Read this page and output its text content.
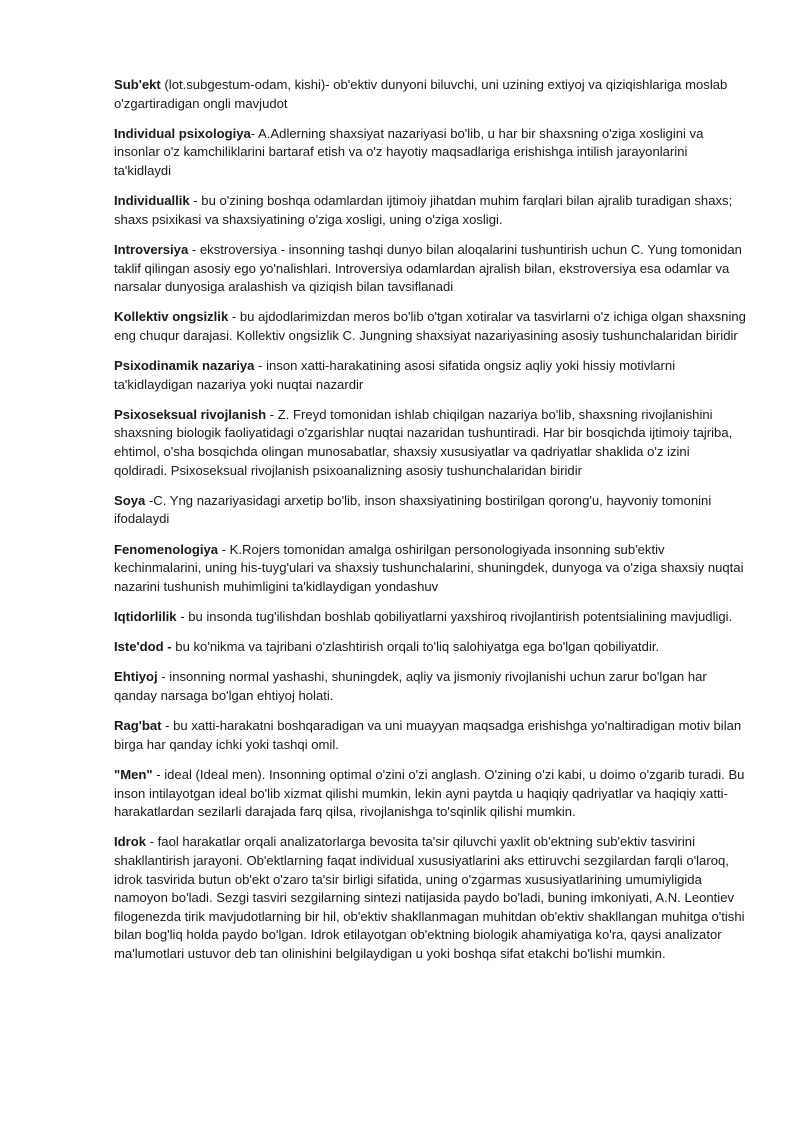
Sub'ekt (lot.subgestum-odam, kishi)- ob'ektiv dunyoni biluvchi, uni uzining extiyoj va qiziqishlariga moslab o'zgartiradigan ongli mavjudot

Individual psixologiya- A.Adlerning shaxsiyat nazariyasi bo'lib, u har bir shaxsning o'ziga xosligini va insonlar o'z kamchiliklarini bartaraf etish va o'z hayotiy maqsadlariga erishishga intilish jarayonlarini ta'kidlaydi

Individuallik - bu o'zining boshqa odamlardan ijtimoiy jihatdan muhim farqlari bilan ajralib turadigan shaxs; shaxs psixikasi va shaxsiyatining o'ziga xosligi, uning o'ziga xosligi.

Introversiya - ekstroversiya - insonning tashqi dunyo bilan aloqalarini tushuntirish uchun C. Yung tomonidan taklif qilingan asosiy ego yo'nalishlari. Introversiya odamlardan ajralish bilan, ekstroversiya esa odamlar va narsalar dunyosiga aralashish va qiziqish bilan tavsiflanadi

Kollektiv ongsizlik - bu ajdodlarimizdan meros bo'lib o'tgan xotiralar va tasvirlarni o'z ichiga olgan shaxsning eng chuqur darajasi. Kollektiv ongsizlik C. Jungning shaxsiyat nazariyasining asosiy tushunchalaridan biridir

Psixodinamik nazariya - inson xatti-harakatining asosi sifatida ongsiz aqliy yoki hissiy motivlarni ta'kidlaydigan nazariya yoki nuqtai nazardir

Psixoseksual rivojlanish - Z. Freyd tomonidan ishlab chiqilgan nazariya bo'lib, shaxsning rivojlanishini shaxsning biologik faoliyatidagi o'zgarishlar nuqtai nazaridan tushuntiradi. Har bir bosqichda ijtimoiy tajriba, ehtimol, o'sha bosqichda olingan munosabatlar, shaxsiy xususiyatlar va qadriyatlar shaklida o'z izini qoldiradi. Psixoseksual rivojlanish psixoanalizning asosiy tushunchalaridan biridir

Soya -C. Yng nazariyasidagi arxetip bo'lib, inson shaxsiyatining bostirilgan qorong'u, hayvoniy tomonini ifodalaydi

Fenomenologiya - K.Rojers tomonidan amalga oshirilgan personologiyada insonning sub'ektiv kechinmalarini, uning his-tuyg'ulari va shaxsiy tushunchalarini, shuningdek, dunyoga va o'ziga shaxsiy nuqtai nazarini tushunish muhimligini ta'kidlaydigan yondashuv

Iqtidorlilik - bu insonda tug'ilishdan boshlab qobiliyatlarni yaxshiroq rivojlantirish potentsialining mavjudligi.

Iste'dod - bu ko'nikma va tajribani o'zlashtirish orqali to'liq salohiyatga ega bo'lgan qobiliyatdir.

Ehtiyoj - insonning normal yashashi, shuningdek, aqliy va jismoniy rivojlanishi uchun zarur bo'lgan har qanday narsaga bo'lgan ehtiyoj holati.

Rag'bat - bu xatti-harakatni boshqaradigan va uni muayyan maqsadga erishishga yo'naltiradigan motiv bilan birga har qanday ichki yoki tashqi omil.

"Men" - ideal (Ideal men). Insonning optimal o'zini o'zi anglash. O'zining o'zi kabi, u doimo o'zgarib turadi. Bu inson intilayotgan ideal bo'lib xizmat qilishi mumkin, lekin ayni paytda u haqiqiy qadriyatlar va haqiqiy xatti-harakatlardan sezilarli darajada farq qilsa, rivojlanishga to'sqinlik qilishi mumkin.

Idrok - faol harakatlar orqali analizatorlarga bevosita ta'sir qiluvchi yaxlit ob'ektning sub'ektiv tasvirini shakllantirish jarayoni. Ob'ektlarning faqat individual xususiyatlarini aks ettiruvchi sezgilardan farqli o'laroq, idrok tasvirida butun ob'ekt o'zaro ta'sir birligi sifatida, uning o'zgarmas xususiyatlarining umumiyligida namoyon bo'ladi. Sezgi tasviri sezgilarning sintezi natijasida paydo bo'ladi, buning imkoniyati, A.N. Leontiev filogenezda tirik mavjudotlarning bir hil, ob'ektiv shakllanmagan muhitdan ob'ektiv shakllangan muhitga o'tishi bilan bog'liq holda paydo bo'lgan. Idrok etilayotgan ob'ektning biologik ahamiyatiga ko'ra, qaysi analizator ma'lumotlari ustuvor deb tan olinishini belgilaydigan u yoki boshqa sifat etakchi bo'lishi mumkin.
